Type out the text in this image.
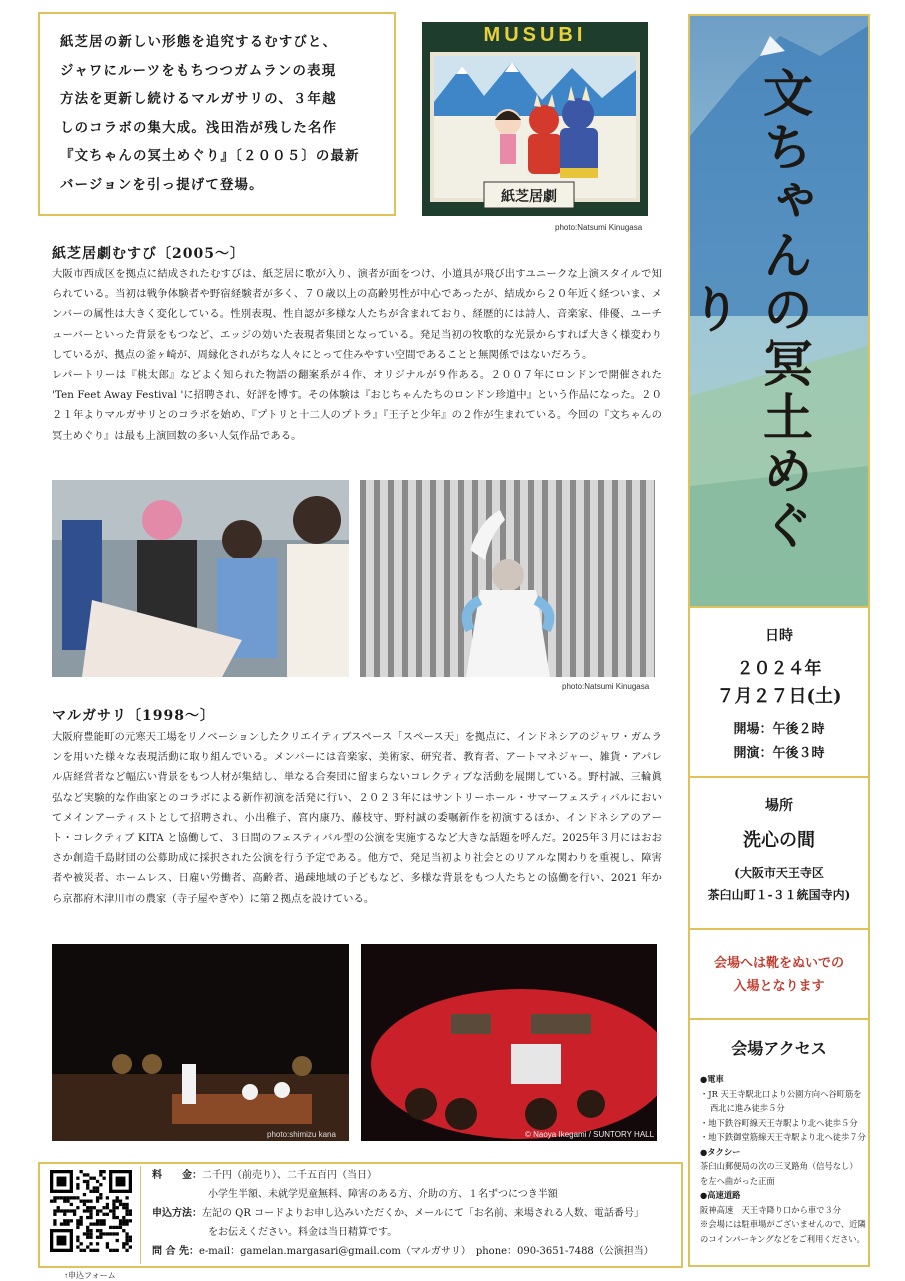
紙芝居の新しい形態を追究するむすびと、
ジャワにルーツをもちつつガムランの表現
方法を更新し続けるマルガサリの、３年越
しのコラボの集大成。浅田浩が残した名作
『文ちゃんの冥土めぐり』〔２００５〕の最新
バージョンを引っ提げて登場。
MUSUBI
紙芝居劇
photo:Natsumi Kinugasa
紙芝居劇むすび〔2005〜〕
大阪市西成区を拠点に結成されたむすびは、紙芝居に歌が入り、演者が面をつけ、小道具が飛び出すユニークな上演スタイルで知られている。当初は戦争体験者や野宿経験者が多く、７０歳以上の高齢男性が中心であったが、結成から２０年近く経ついま、メンバーの属性は大きく変化している。性別表現、性自認が多様な人たちが含まれており、経歴的には詩人、音楽家、俳優、ユーチューバーといった背景をもつなど、エッジの効いた表現者集団となっている。発足当初の牧歌的な光景からすれば大きく様変わりしているが、拠点の釜ヶ崎が、周縁化されがちな人々にとって住みやすい空間であることと無関係ではないだろう。
レパートリーは『桃太郎』などよく知られた物語の翻案系が４作、オリジナルが９作ある。２００７年にロンドンで開催された 'Ten Feet Away Festival 'に招聘され、好評を博す。その体験は『おじちゃんたちのロンドン珍道中』という作品になった。２０２１年よりマルガサリとのコラボを始め、『プトリと十二人のプトラ』『王子と少年』の２作が生まれている。今回の『文ちゃんの冥土めぐり』は最も上演回数の多い人気作品である。
photo:Natsumi Kinugasa
マルガサリ〔1998〜〕
大阪府豊能町の元寒天工場をリノベーションしたクリエイティブスペース「スペース天」を拠点に、インドネシアのジャワ・ガムランを用いた様々な表現活動に取り組んでいる。メンバーには音楽家、美術家、研究者、教育者、アートマネジャー、雑貨・アパレル店経営者など幅広い背景をもつ人材が集結し、単なる合奏団に留まらないコレクティブな活動を展開している。野村誠、三輪眞弘など実験的な作曲家とのコラボによる新作初演を活発に行い、２０２３年にはサントリーホール・サマーフェスティバルにおいてメインアーティストとして招聘され、小出稚子、宮内康乃、藤枝守、野村誠の委嘱新作を初演するほか、インドネシアのアート・コレクティブ KITA と協働して、３日間のフェスティバル型の公演を実施するなど大きな話題を呼んだ。2025年３月にはおおさか創造千島財団の公募助成に採択された公演を行う予定である。他方で、発足当初より社会とのリアルな関わりを重視し、障害者や被災者、ホームレス、日雇い労働者、高齢者、過疎地域の子どもなど、多様な背景をもつ人たちとの協働を行い、2021 年から京都府木津川市の農家（寺子屋やぎや）に第２拠点を設けている。
photo:shimizu kana	© Naoya Ikegami / SUNTORY HALL
文ちゃんの冥土めぐり
日時
２０２４年
７月２７日(土)
開場：午後２時
開演：午後３時
場所
洗心の間
(大阪市天王寺区
茶臼山町１-３１統国寺内)
会場へは靴をぬいでの
入場となります
会場アクセス
●電車
・JR 天王寺駅北口より公園方向へ谷町筋を
西北に進み徒歩５分
・地下鉄谷町線天王寺駅より北へ徒歩５分
・地下鉄御堂筋線天王寺駅より北へ徒歩７分
●タクシー
茶臼山郵便局の次の三叉路角（信号なし）
を左へ曲がった正面
●高速道路
阪神高速　天王寺降り口から車で３分
※会場には駐車場がございませんので、近隣
のコインパーキングなどをご利用ください。
料　　金：二千円（前売り）、二千五百円（当日）
小学生半額、未就学児童無料、障害のある方、介助の方、１名ずつにつき半額
申込方法：左記の QR コードよりお申し込みいただくか、メールにて「お名前、来場される人数、電話番号」
をお伝えください。料金は当日精算です。
問 合 先：e-mail：gamelan.margasari@gmail.com（マルガサリ）　phone：090-3651-7488（公演担当）
↑申込フォーム
